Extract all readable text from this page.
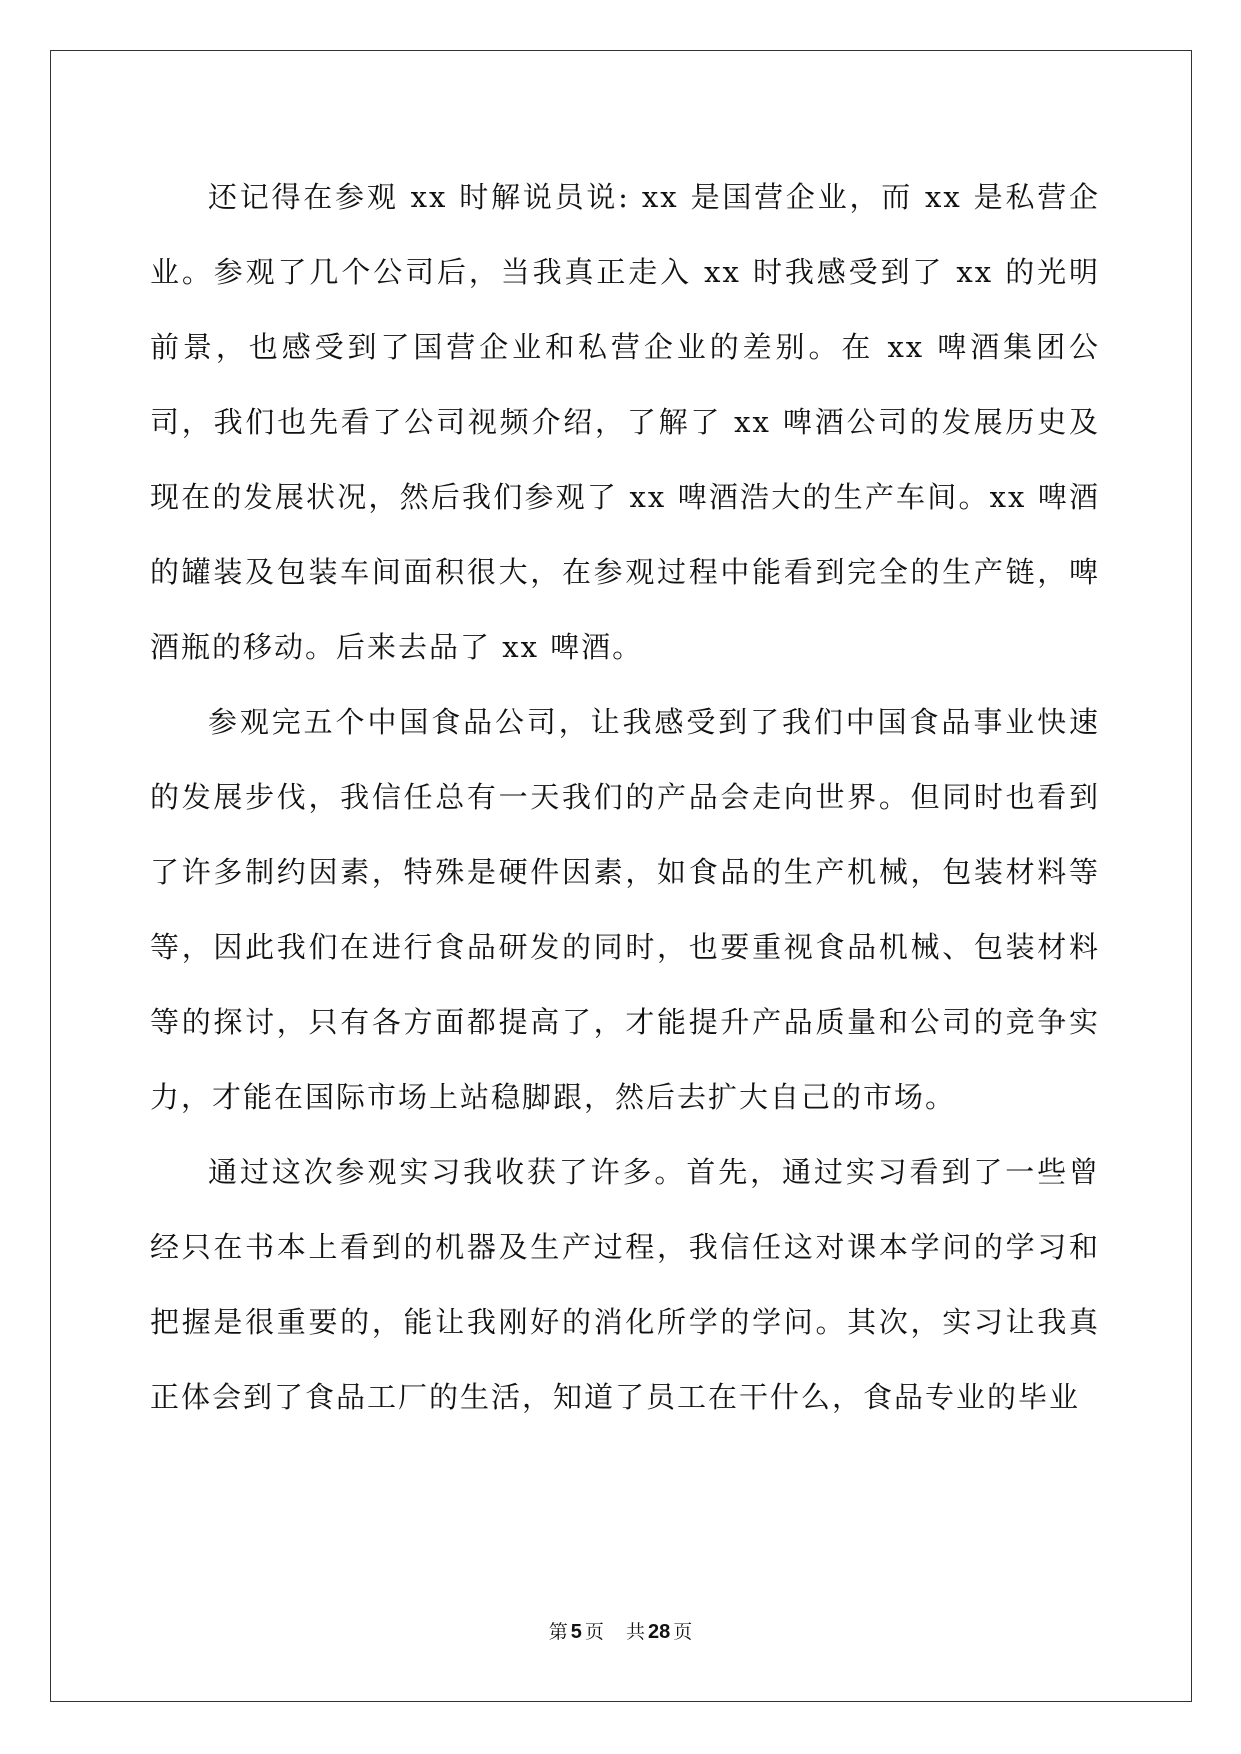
还记得在参观 xx 时解说员说: xx 是国营企业，而 xx 是私营企业。参观了几个公司后，当我真正走入 xx 时我感受到了 xx 的光明前景，也感受到了国营企业和私营企业的差别。在 xx 啤酒集团公司，我们也先看了公司视频介绍，了解了 xx 啤酒公司的发展历史及现在的发展状况，然后我们参观了 xx 啤酒浩大的生产车间。xx 啤酒的罐装及包装车间面积很大，在参观过程中能看到完全的生产链，啤酒瓶的移动。后来去品了 xx 啤酒。

参观完五个中国食品公司，让我感受到了我们中国食品事业快速的发展步伐，我信任总有一天我们的产品会走向世界。但同时也看到了许多制约因素，特殊是硬件因素，如食品的生产机械，包装材料等等，因此我们在进行食品研发的同时，也要重视食品机械、包装材料等的探讨，只有各方面都提高了，才能提升产品质量和公司的竞争实力，才能在国际市场上站稳脚跟，然后去扩大自己的市场。

通过这次参观实习我收获了许多。首先，通过实习看到了一些曾经只在书本上看到的机器及生产过程，我信任这对课本学问的学习和把握是很重要的，能让我刚好的消化所学的学问。其次，实习让我真正体会到了食品工厂的生活，知道了员工在干什么，食品专业的毕业

第 5 页 共 28 页
